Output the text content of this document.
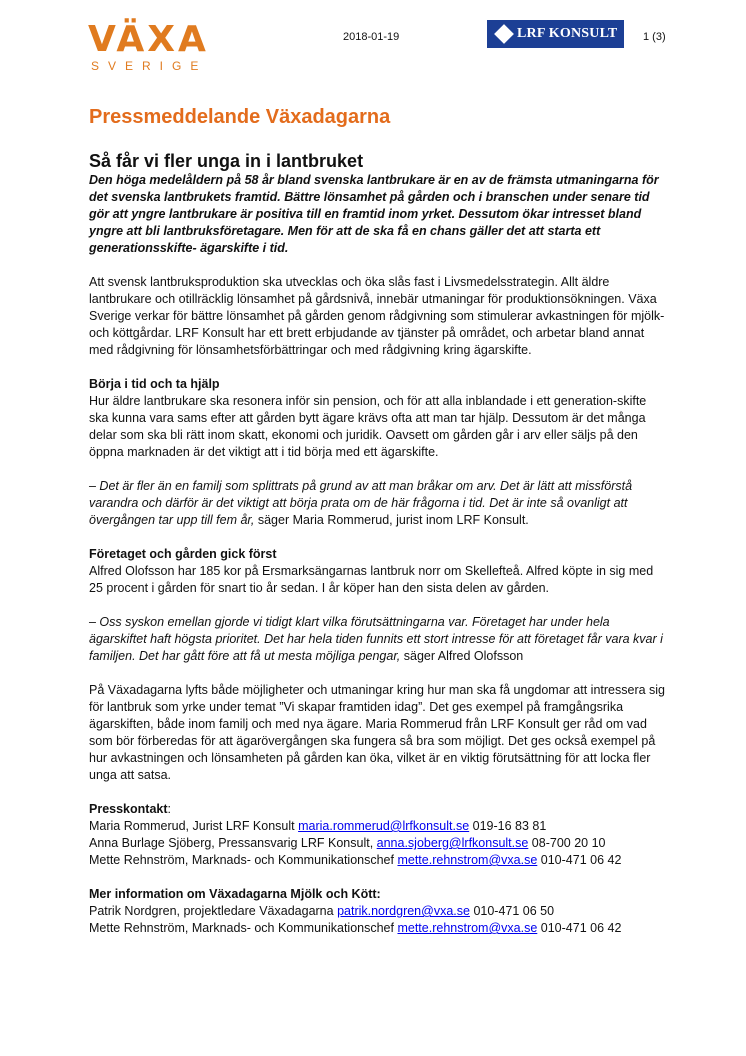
VÄXA
SVERIGE
2018-01-19	LRF KONSULT 1 (3)
Pressmeddelande Växadagarna
Så får vi fler unga in i lantbruket

Den höga medelåldern på 58 år bland svenska lantbrukare är en av de främsta utmaningarna för det svenska lantbrukets framtid. Bättre lönsamhet på gården och i branschen under senare tid gör att yngre lantbrukare är positiva till en framtid inom yrket. Dessutom ökar intresset bland yngre att bli lantbruksföretagare. Men för att de ska få en chans gäller det att starta ett generationsskifte- ägarskifte i tid.

Att svensk lantbruksproduktion ska utvecklas och öka slås fast i Livsmedelsstrategin. Allt äldre lantbrukare och otillräcklig lönsamhet på gårdsnivå, innebär utmaningar för produktionsökningen. Växa Sverige verkar för bättre lönsamhet på gården genom rådgivning som stimulerar avkastningen för mjölk- och köttgårdar. LRF Konsult har ett brett erbjudande av tjänster på området, och arbetar bland annat med rådgivning för lönsamhetsförbättringar och med rådgivning kring ägarskifte.

Börja i tid och ta hjälp

Hur äldre lantbrukare ska resonera inför sin pension, och för att alla inblandade i ett generation-skifte ska kunna vara sams efter att gården bytt ägare krävs ofta att man tar hjälp. Dessutom är det många delar som ska bli rätt inom skatt, ekonomi och juridik. Oavsett om gården går i arv eller säljs på den öppna marknaden är det viktigt att i tid börja med ett ägarskifte.

– Det är fler än en familj som splittrats på grund av att man bråkar om arv. Det är lätt att missförstå varandra och därför är det viktigt att börja prata om de här frågorna i tid. Det är inte så ovanligt att övergången tar upp till fem år, säger Maria Rommerud, jurist inom LRF Konsult.

Företaget och gården gick först

Alfred Olofsson har 185 kor på Ersmarksängarnas lantbruk norr om Skellefteå. Alfred köpte in sig med 25 procent i gården för snart tio år sedan. I år köper han den sista delen av gården.

– Oss syskon emellan gjorde vi tidigt klart vilka förutsättningarna var. Företaget har under hela ägarskiftet haft högsta prioritet. Det har hela tiden funnits ett stort intresse för att företaget får vara kvar i familjen. Det har gått före att få ut mesta möjliga pengar, säger Alfred Olofsson

På Växadagarna lyfts både möjligheter och utmaningar kring hur man ska få ungdomar att intressera sig för lantbruk som yrke under temat ”Vi skapar framtiden idag”. Det ges exempel på framgångsrika ägarskiften, både inom familj och med nya ägare. Maria Rommerud från LRF Konsult ger råd om vad som bör förberedas för att ägarövergången ska fungera så bra som möjligt. Det ges också exempel på hur avkastningen och lönsamheten på gården kan öka, vilket är en viktig förutsättning för att locka fler unga att satsa.

Presskontakt:

Maria Rommerud, Jurist LRF Konsult maria.rommerud@lrfkonsult.se 019-16 83 81

Anna Burlage Sjöberg, Pressansvarig LRF Konsult, anna.sjoberg@lrfkonsult.se 08-700 20 10

Mette Rehnström, Marknads- och Kommunikationschef mette.rehnstrom@vxa.se 010-471 06 42

Mer information om Växadagarna Mjölk och Kött:

Patrik Nordgren, projektledare Växadagarna patrik.nordgren@vxa.se 010-471 06 50

Mette Rehnström, Marknads- och Kommunikationschef mette.rehnstrom@vxa.se 010-471 06 42
